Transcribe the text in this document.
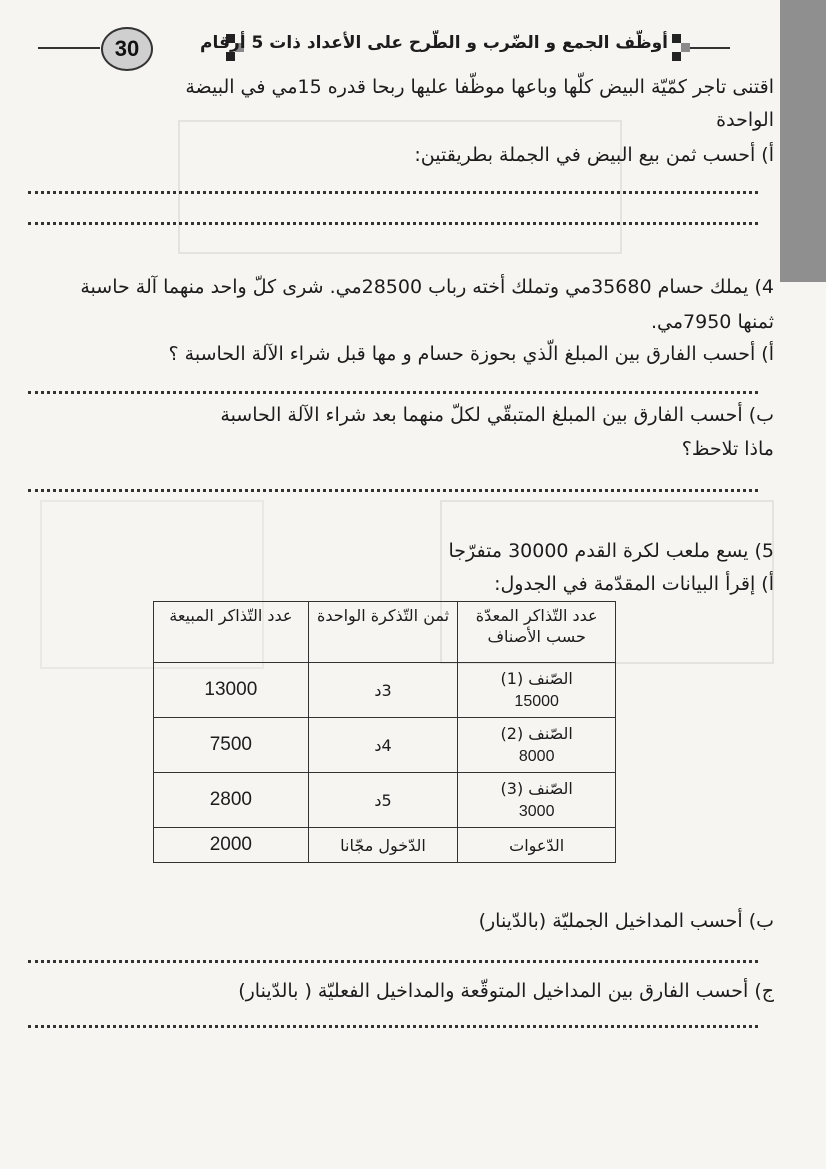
30	أوظّف الجمع و الضّرب و الطّرح على الأعداد ذات 5 أرقام
اقتنى تاجر كمّيّة البيض كلّها وباعها موظّفا عليها ربحا قدره 15مي في البيضة
الواحدة
أ) أحسب ثمن بيع البيض في الجملة بطريقتين:
4) يملك حسام 35680مي وتملك أخته رباب 28500مي. شرى كلّ واحد منهما آلة حاسبة
ثمنها 7950مي.
أ) أحسب الفارق بين المبلغ الّذي بحوزة حسام و مها قبل شراء الآلة الحاسبة ؟
ب) أحسب الفارق بين المبلغ المتبقّي لكلّ منهما بعد شراء الآلة الحاسبة
ماذا تلاحظ؟
5) يسع ملعب لكرة القدم 30000 متفرّجا
أ) إقرأ البيانات المقدّمة في الجدول:
عدد التّذاكر المعدّة حسب الأصناف	ثمن التّذكرة الواحدة	عدد التّذاكر المبيعة

الصّنف (1)
15000	3د	13000

الصّنف (2)
8000	4د	7500

الصّنف (3)
3000	5د	2800
الدّعوات	الدّخول مجّانا	2000
ب) أحسب المداخيل الجمليّة (بالدّينار)
ج) أحسب الفارق بين المداخيل المتوقّعة والمداخيل الفعليّة ( بالدّينار)
